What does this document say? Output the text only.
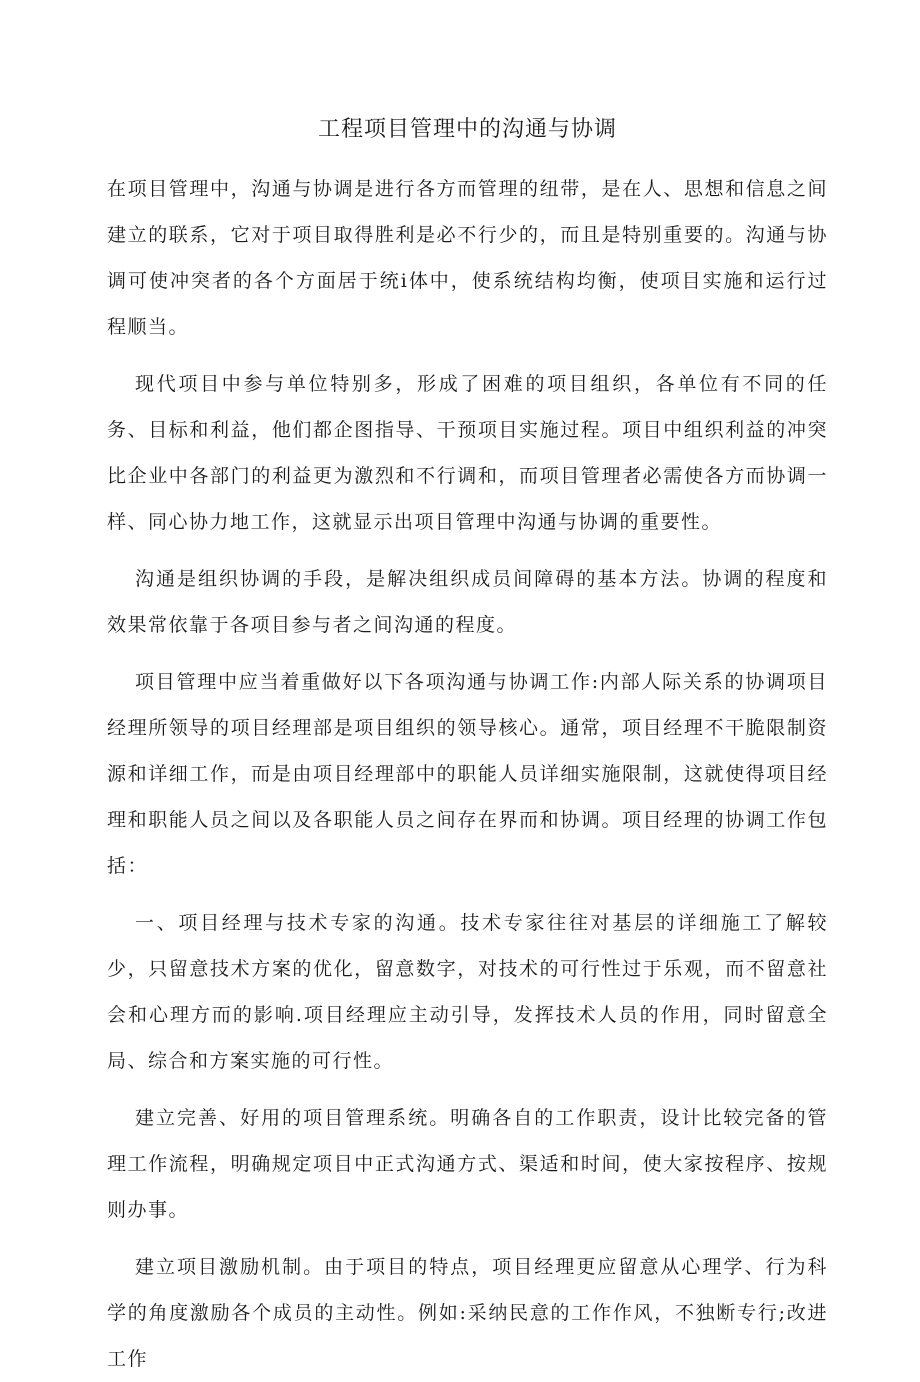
工程项目管理中的沟通与协调

在项目管理中，沟通与协调是进行各方而管理的纽带，是在人、思想和信息之间建立的联系，它对于项目取得胜利是必不行少的，而且是特别重要的。沟通与协调可使冲突者的各个方面居于统i体中，使系统结构均衡，使项目实施和运行过程顺当。

现代项目中参与单位特别多，形成了困难的项目组织，各单位有不同的任务、目标和利益，他们都企图指导、干预项目实施过程。项目中组织利益的冲突比企业中各部门的利益更为激烈和不行调和，而项目管理者必需使各方而协调一样、同心协力地工作，这就显示出项目管理中沟通与协调的重要性。

沟通是组织协调的手段，是解决组织成员间障碍的基本方法。协调的程度和效果常依靠于各项目参与者之间沟通的程度。

项目管理中应当着重做好以下各项沟通与协调工作:内部人际关系的协调项目经理所领导的项目经理部是项目组织的领导核心。通常，项目经理不干脆限制资源和详细工作，而是由项目经理部中的职能人员详细实施限制，这就使得项目经理和职能人员之间以及各职能人员之间存在界而和协调。项目经理的协调工作包括：

一、项目经理与技术专家的沟通。技术专家往往对基层的详细施工了解较少，只留意技术方案的优化，留意数字，对技术的可行性过于乐观，而不留意社会和心理方而的影响.项目经理应主动引导，发挥技术人员的作用，同时留意全局、综合和方案实施的可行性。

建立完善、好用的项目管理系统。明确各自的工作职责，设计比较完备的管理工作流程，明确规定项目中正式沟通方式、渠适和时间，使大家按程序、按规则办事。

建立项目激励机制。由于项目的特点，项目经理更应留意从心理学、行为科学的角度激励各个成员的主动性。例如:采纳民意的工作作风，不独断专行;改进工作
